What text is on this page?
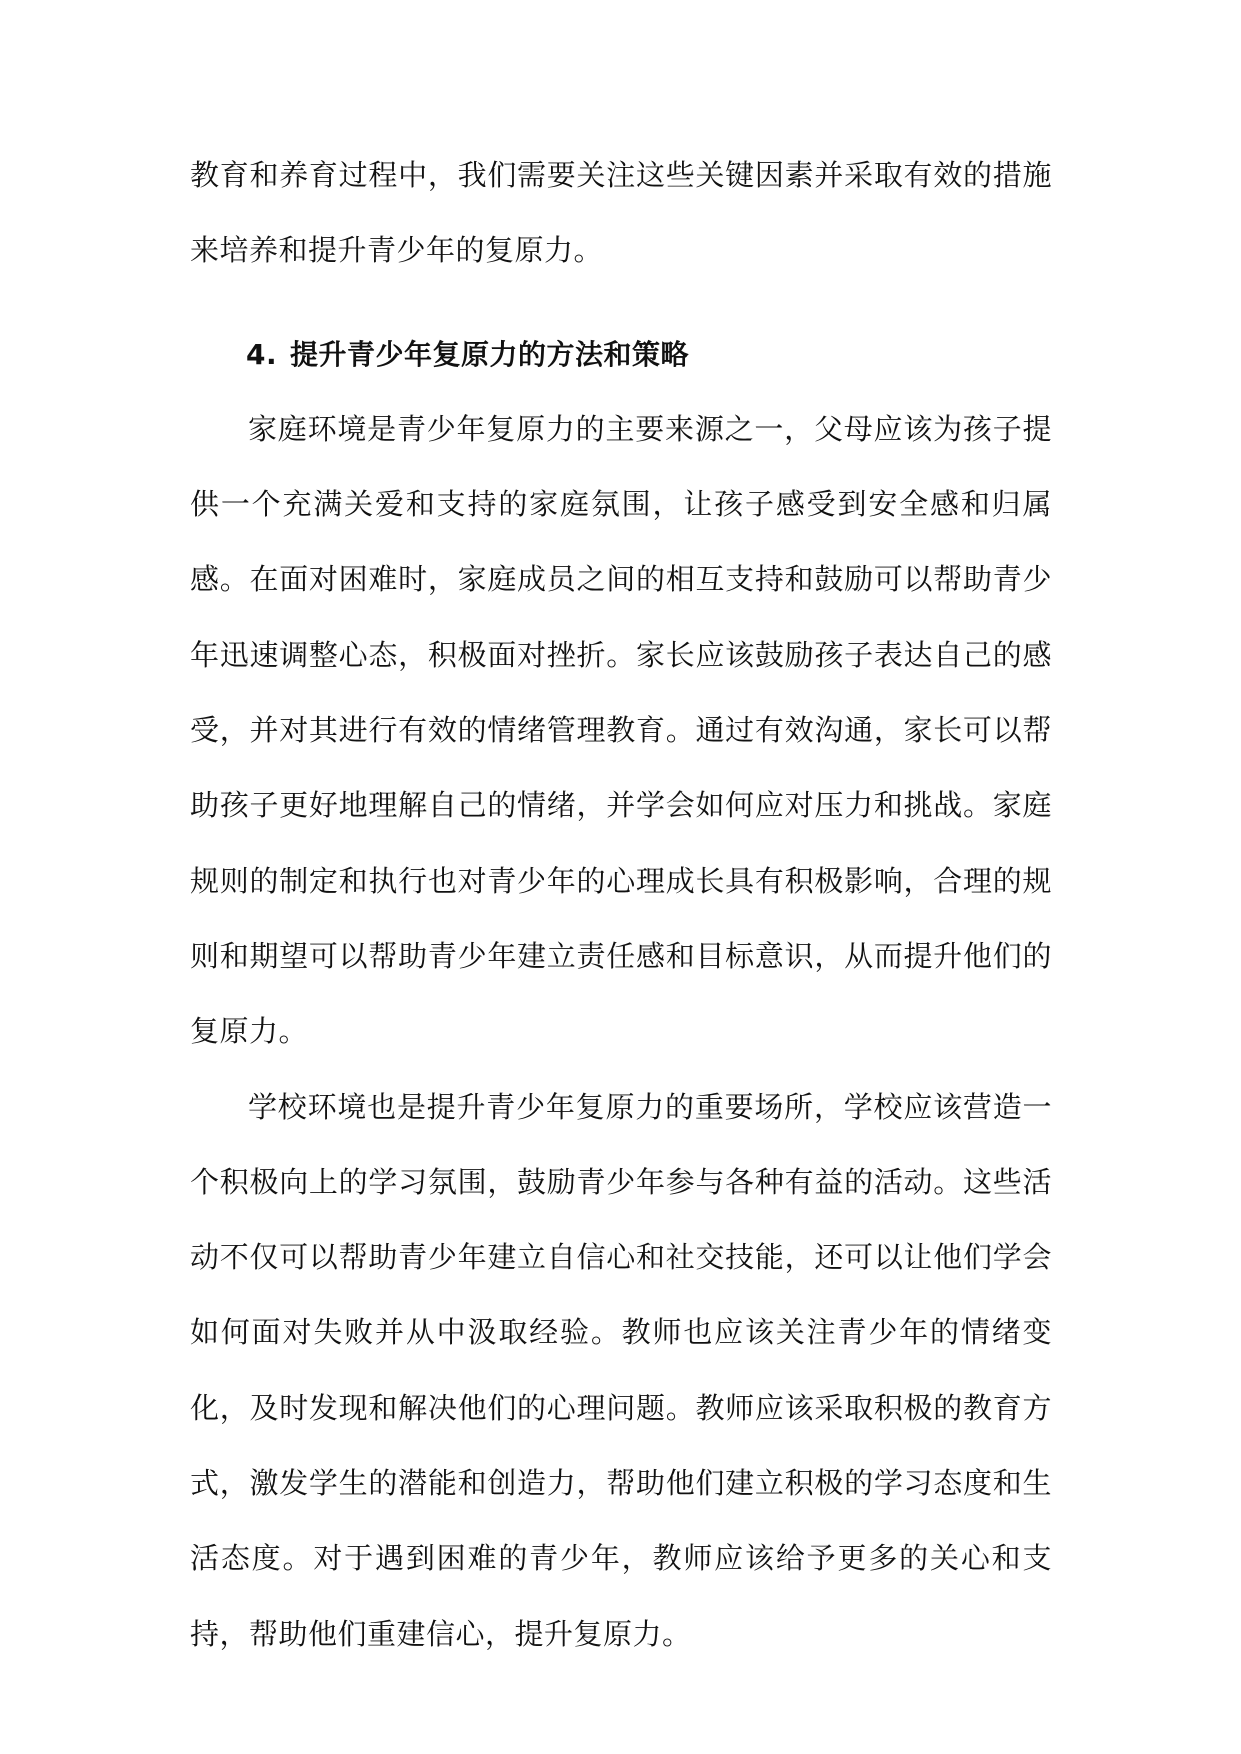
教育和养育过程中，我们需要关注这些关键因素并采取有效的措施来培养和提升青少年的复原力。

4. 提升青少年复原力的方法和策略

家庭环境是青少年复原力的主要来源之一，父母应该为孩子提供一个充满关爱和支持的家庭氛围，让孩子感受到安全感和归属感。在面对困难时，家庭成员之间的相互支持和鼓励可以帮助青少年迅速调整心态，积极面对挫折。家长应该鼓励孩子表达自己的感受，并对其进行有效的情绪管理教育。通过有效沟通，家长可以帮助孩子更好地理解自己的情绪，并学会如何应对压力和挑战。家庭规则的制定和执行也对青少年的心理成长具有积极影响，合理的规则和期望可以帮助青少年建立责任感和目标意识，从而提升他们的复原力。

学校环境也是提升青少年复原力的重要场所，学校应该营造一个积极向上的学习氛围，鼓励青少年参与各种有益的活动。这些活动不仅可以帮助青少年建立自信心和社交技能，还可以让他们学会如何面对失败并从中汲取经验。教师也应该关注青少年的情绪变化，及时发现和解决他们的心理问题。教师应该采取积极的教育方式，激发学生的潜能和创造力，帮助他们建立积极的学习态度和生活态度。对于遇到困难的青少年，教师应该给予更多的关心和支持，帮助他们重建信心，提升复原力。
